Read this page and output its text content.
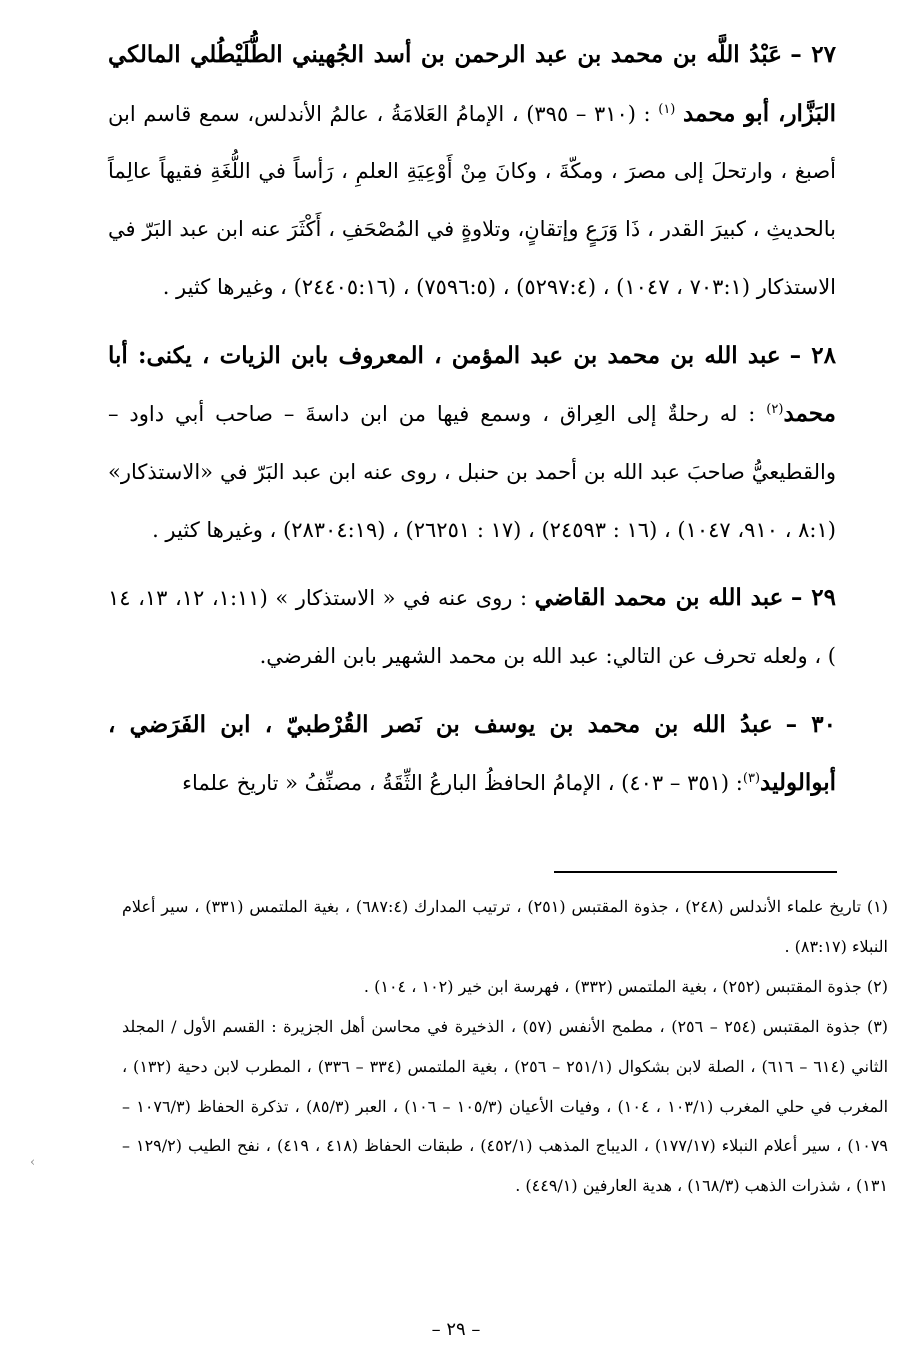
٢٧ – عَبْدُ اللَّه بن محمد بن عبد الرحمن بن أسد الجُهيني الطُّلَيْطُلي المالكي البَزَّار، أبو محمد $^{(١)}$ : (٣١٠ – ٣٩٥) ، الإمامُ العَلامَةُ ، عالمُ الأندلس، سمع قاسم ابن أصبغ ، وارتحلَ إلى مصرَ ، ومكّةَ ، وكانَ مِنْ أَوْعِيَةِ العلمِ ، رَأساً في اللُّغَةِ فقيهاً عالِماً بالحديثِ ، كبيرَ القدر ، ذَا وَرَعٍ وإتقانٍ، وتلاوةٍ في المُصْحَفِ ، أَكْثَرَ عنه ابن عبد البَرّ في الاستذكار (٧٠٣:١ ، ١٠٤٧) ، (٥٢٩٧:٤) ، (٧٥٩٦:٥) ، (٢٤٤٠٥:١٦) ، وغيرها كثير .

٢٨ – عبد الله بن محمد بن عبد المؤمن ، المعروف بابن الزيات ، يكنى: أبا محمد$^{(٢)}$ : له رحلةٌ إلى العِراق ، وسمع فيها من ابن داسةَ – صاحب أبي داود – والقطيعيُّ صاحبَ عبد الله بن أحمد بن حنبل ، روى عنه ابن عبد البَرّ في «الاستذكار» (٨:١ ، ٩١٠، ١٠٤٧) ، (١٦ : ٢٤٥٩٣) ، (١٧ : ٢٦٢٥١) ، (٢٨٣٠٤:١٩) ، وغيرها كثير .

٢٩ – عبد الله بن محمد القاضي : روى عنه في « الاستذكار » (١:١١، ١٢، ١٣، ١٤ ) ، ولعله تحرف عن التالي: عبد الله بن محمد الشهير بابن الفرضي.

٣٠ – عبدُ الله بن محمد بن يوسف بن نَصر القُرْطبيّ ، ابن الفَرَضي ، أبوالوليد$^{(٣)}$: (٣٥١ – ٤٠٣) ، الإمامُ الحافظُ البارعُ الثِّقَةُ ، مصنِّفُ « تاريخ علماء

(١) تاريخ علماء الأندلس (٢٤٨) ، جذوة المقتبس (٢٥١) ، ترتيب المدارك (٦٨٧:٤) ، بغية الملتمس (٣٣١) ، سير أعلام النبلاء (٨٣:١٧) .

(٢) جذوة المقتبس (٢٥٢) ، بغية الملتمس (٣٣٢) ، فهرسة ابن خير (١٠٢ ، ١٠٤) .

(٣) جذوة المقتبس (٢٥٤ – ٢٥٦) ، مطمح الأنفس (٥٧) ، الذخيرة في محاسن أهل الجزيرة : القسم الأول / المجلد الثاني (٦١٤ – ٦١٦) ، الصلة لابن بشكوال (٢٥١/١ – ٢٥٦) ، بغية الملتمس (٣٣٤ – ٣٣٦) ، المطرب لابن دحية (١٣٢) ، المغرب في حلي المغرب (١٠٣/١ ، ١٠٤) ، وفيات الأعيان (١٠٥/٣ – ١٠٦) ، العبر (٨٥/٣) ، تذكرة الحفاظ (١٠٧٦/٣ – ١٠٧٩) ، سير أعلام النبلاء (١٧٧/١٧) ، الديباج المذهب (٤٥٢/١) ، طبقات الحفاظ (٤١٨ ، ٤١٩) ، نفح الطيب (١٢٩/٢ – ١٣١) ، شذرات الذهب (١٦٨/٣) ، هدية العارفين (٤٤٩/١) .

– ٢٩ –
‹
